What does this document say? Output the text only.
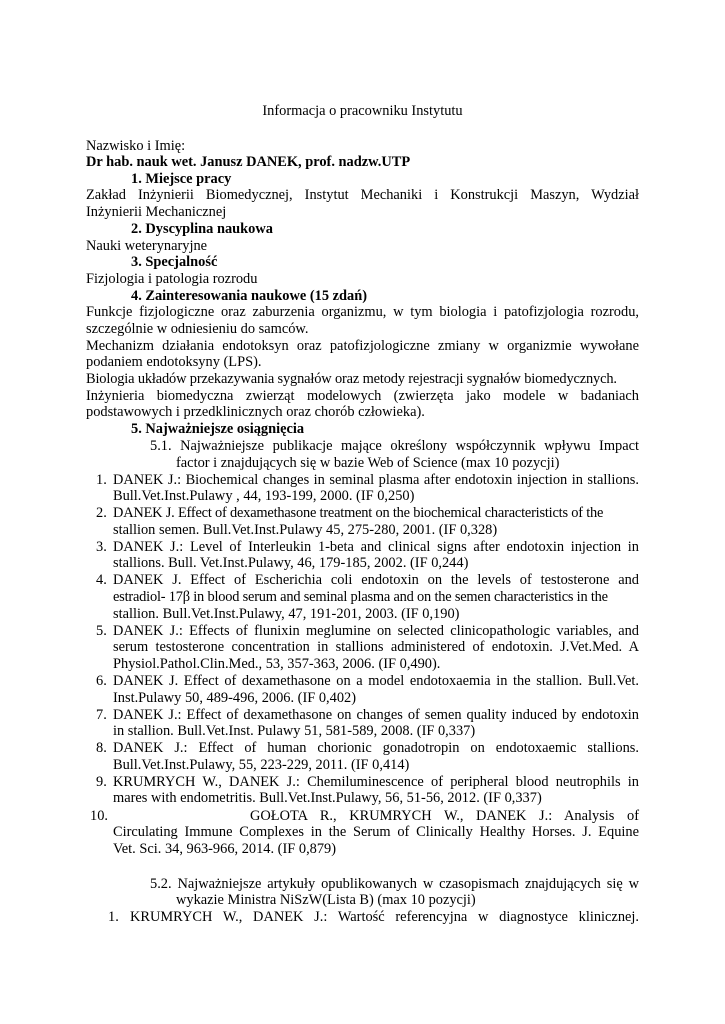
Informacja o pracowniku Instytutu
Nazwisko i Imię:
Dr hab. nauk wet. Janusz DANEK, prof. nadzw.UTP
1. Miejsce pracy
Zakład Inżynierii Biomedycznej, Instytut Mechaniki i Konstrukcji Maszyn, Wydział
Inżynierii Mechanicznej
2. Dyscyplina naukowa
Nauki weterynaryjne
3. Specjalność
Fizjologia i patologia rozrodu
4. Zainteresowania naukowe (15 zdań)
Funkcje fizjologiczne oraz zaburzenia organizmu, w tym biologia i patofizjologia rozrodu,
szczególnie w odniesieniu do samców.
Mechanizm działania endotoksyn oraz patofizjologiczne zmiany w organizmie wywołane
podaniem endotoksyny (LPS).
Biologia układów przekazywania sygnałów oraz metody rejestracji sygnałów biomedycznych.
Inżynieria biomedyczna zwierząt modelowych (zwierzęta jako modele w badaniach
podstawowych i przedklinicznych oraz chorób człowieka).
5. Najważniejsze osiągnięcia
5.1. Najważniejsze publikacje mające określony współczynnik wpływu Impact
factor i znajdujących się w bazie Web of Science (max 10 pozycji)
1. DANEK J.: Biochemical changes in seminal plasma after endotoxin injection in stallions.
Bull.Vet.Inst.Pulawy , 44, 193-199, 2000. (IF 0,250)
2. DANEK J. Effect of dexamethasone treatment on the biochemical characteristicts of the
stallion semen. Bull.Vet.Inst.Pulawy 45, 275-280, 2001. (IF 0,328)
3. DANEK J.: Level of Interleukin 1-beta and clinical signs after endotoxin injection in
stallions. Bull. Vet.Inst.Pulawy, 46, 179-185, 2002. (IF 0,244)
4. DANEK J. Effect of Escherichia coli endotoxin on the levels of testosterone and
estradiol- 17β in blood serum and seminal plasma and on the semen characteristics in the
stallion. Bull.Vet.Inst.Pulawy, 47, 191-201, 2003. (IF 0,190)
5. DANEK J.: Effects of flunixin meglumine on selected clinicopathologic variables, and
serum testosterone concentration in stallions administered of endotoxin. J.Vet.Med. A
Physiol.Pathol.Clin.Med., 53, 357-363, 2006. (IF 0,490).
6. DANEK J. Effect of dexamethasone on a model endotoxaemia in the stallion. Bull.Vet.
Inst.Pulawy 50, 489-496, 2006. (IF 0,402)
7. DANEK J.: Effect of dexamethasone on changes of semen quality induced by endotoxin
in stallion. Bull.Vet.Inst. Pulawy 51, 581-589, 2008. (IF 0,337)
8. DANEK J.: Effect of human chorionic gonadotropin on endotoxaemic stallions.
Bull.Vet.Inst.Pulawy, 55, 223-229, 2011. (IF 0,414)
9. KRUMRYCH W., DANEK J.: Chemiluminescence of peripheral blood neutrophils in
mares with endometritis. Bull.Vet.Inst.Pulawy, 56, 51-56, 2012. (IF 0,337)
10.	GOŁOTA R., KRUMRYCH W., DANEK J.: Analysis of
Circulating Immune Complexes in the Serum of Clinically Healthy Horses. J. Equine
Vet. Sci. 34, 963-966, 2014. (IF 0,879)
5.2. Najważniejsze artykuły opublikowanych w czasopismach znajdujących się w
wykazie Ministra NiSzW(Lista B) (max 10 pozycji)
1. KRUMRYCH W., DANEK J.: Wartość referencyjna w diagnostyce klinicznej.
